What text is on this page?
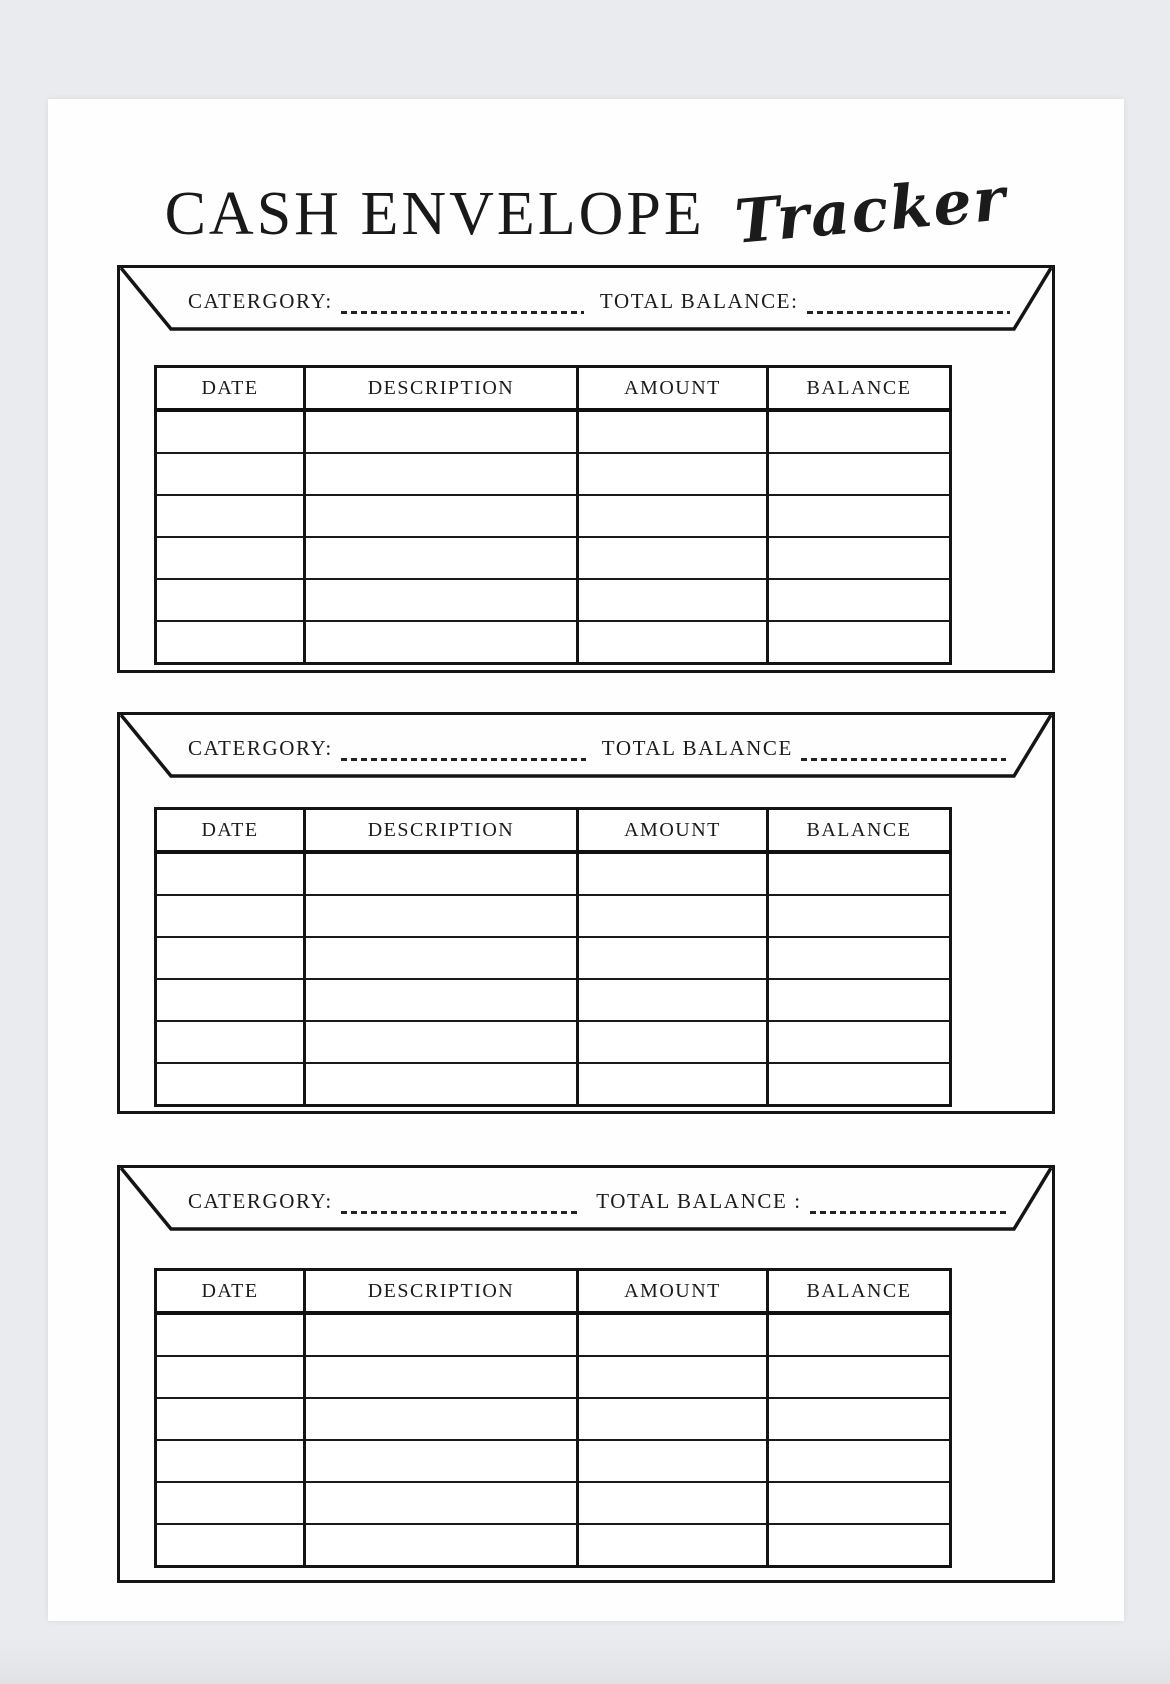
CASH ENVELOPE Tracker
CATERGORY:	TOTAL BALANCE:
DATE	DESCRIPTION	AMOUNT	BALANCE

CATERGORY:	TOTAL BALANCE
DATE	DESCRIPTION	AMOUNT	BALANCE

CATERGORY:	TOTAL BALANCE :
DATE	DESCRIPTION	AMOUNT	BALANCE
